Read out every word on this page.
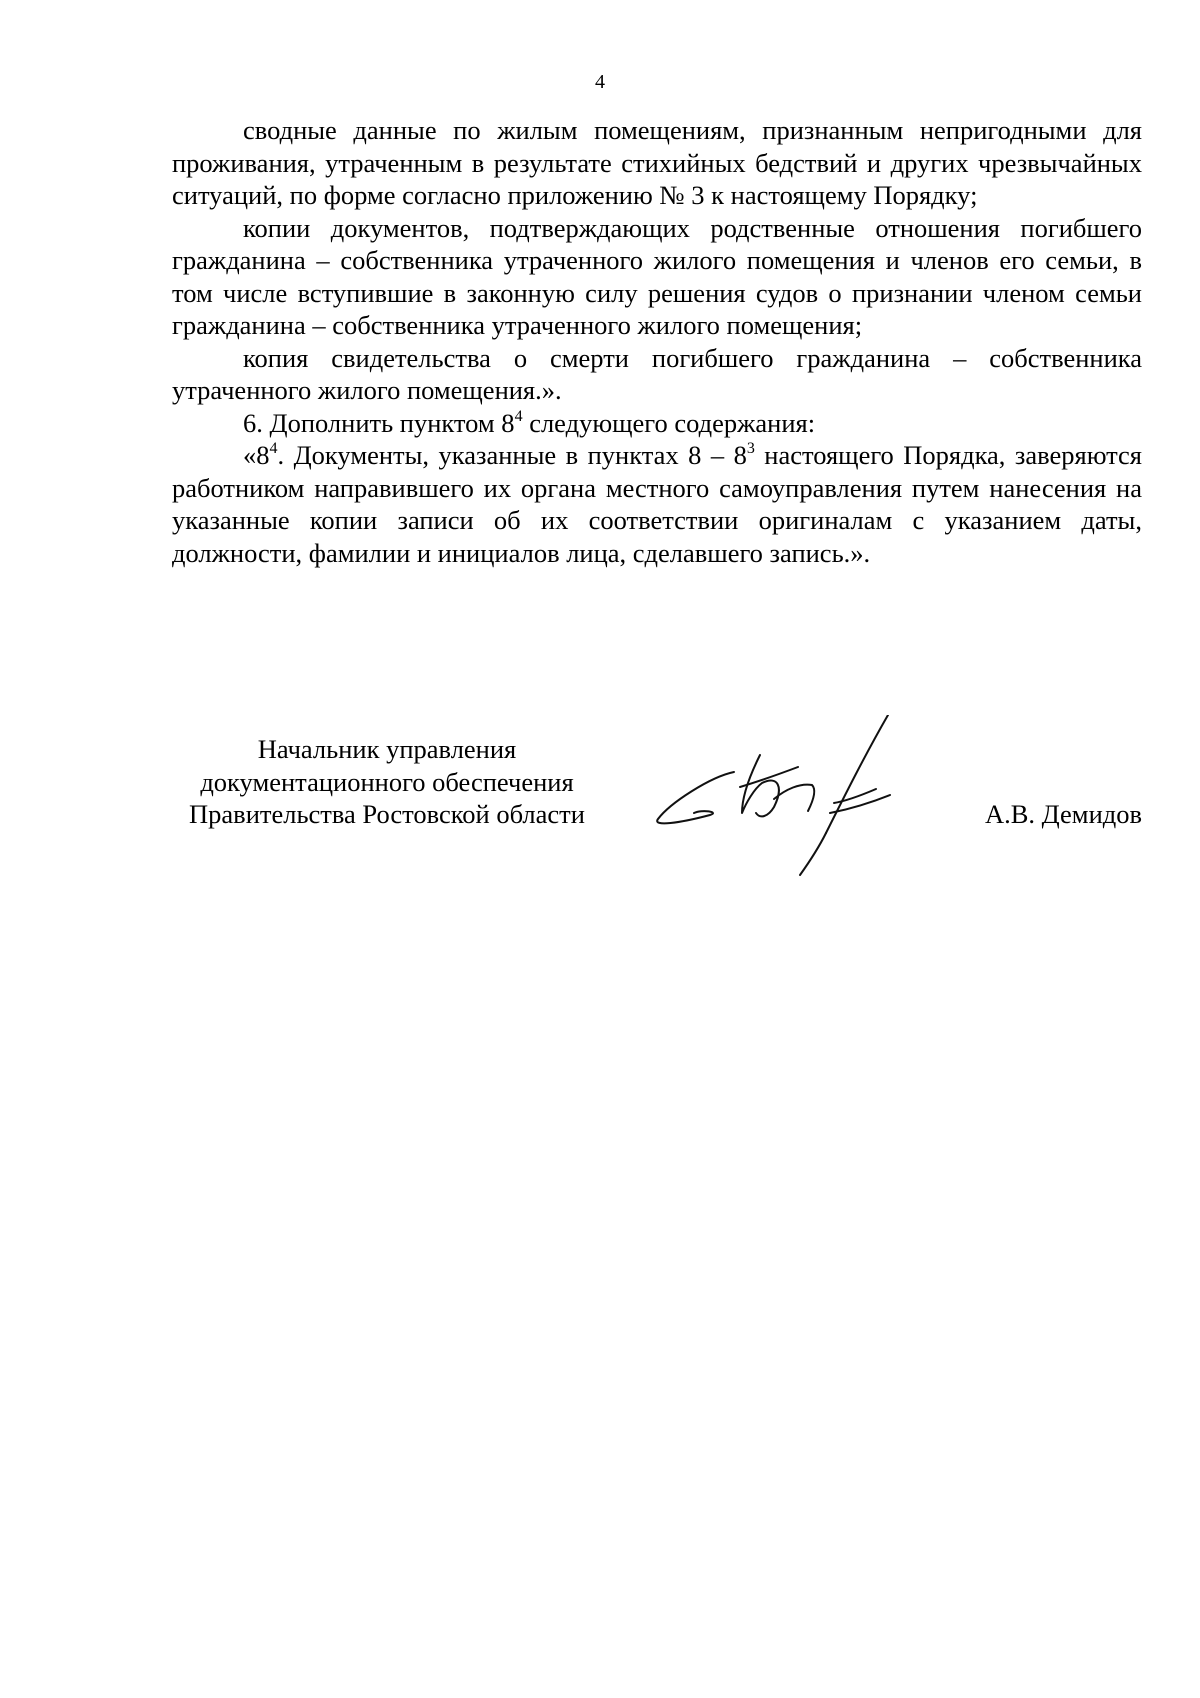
4

сводные данные по жилым помещениям, признанным непригодными для проживания, утраченным в результате стихийных бедствий и других чрезвычайных ситуаций, по форме согласно приложению № 3 к настоящему Порядку;

копии документов, подтверждающих родственные отношения погибшего гражданина – собственника утраченного жилого помещения и членов его семьи, в том числе вступившие в законную силу решения судов о признании членом семьи гражданина – собственника утраченного жилого помещения;

копия свидетельства о смерти погибшего гражданина – собственника утраченного жилого помещения.».

6. Дополнить пунктом $8^4$ следующего содержания:

«$8^4$. Документы, указанные в пунктах $8 - 8^3$ настоящего Порядка, заверяются работником направившего их органа местного самоуправления путем нанесения на указанные копии записи об их соответствии оригиналам с указанием даты, должности, фамилии и инициалов лица, сделавшего запись.».

Начальник управления
документационного обеспечения
Правительства Ростовской области	А.В. Демидов
